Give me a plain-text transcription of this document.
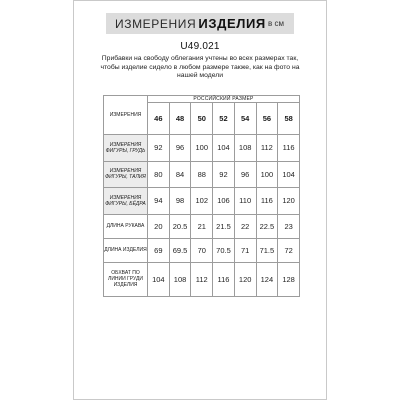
ИЗМЕРЕНИЯ ИЗДЕЛИЯ в см
U49.021
Прибавки на свободу облегания учтены во всех размерах так, чтобы изделие сидело в любом размере также, как на фото на нашей модели
ИЗМЕРЕНИЯ	РОССИЙСКИЙ РАЗМЕР						
	46	48	50	52	54	56	58
ИЗМЕРЕНИЯ ФИГУРЫ, ГРУДЬ	92	96	100	104	108	112	116
ИЗМЕРЕНИЯ ФИГУРЫ, ТАЛИЯ	80	84	88	92	96	100	104
ИЗМЕРЕНИЯ ФИГУРЫ, БЁДРА	94	98	102	106	110	116	120
ДЛИНА РУКАВА	20	20.5	21	21.5	22	22.5	23
ДЛИНА ИЗДЕЛИЯ	69	69.5	70	70.5	71	71.5	72
ОБХВАТ ПО ЛИНИИ ГРУДИ ИЗДЕЛИЯ	104	108	112	116	120	124	128
